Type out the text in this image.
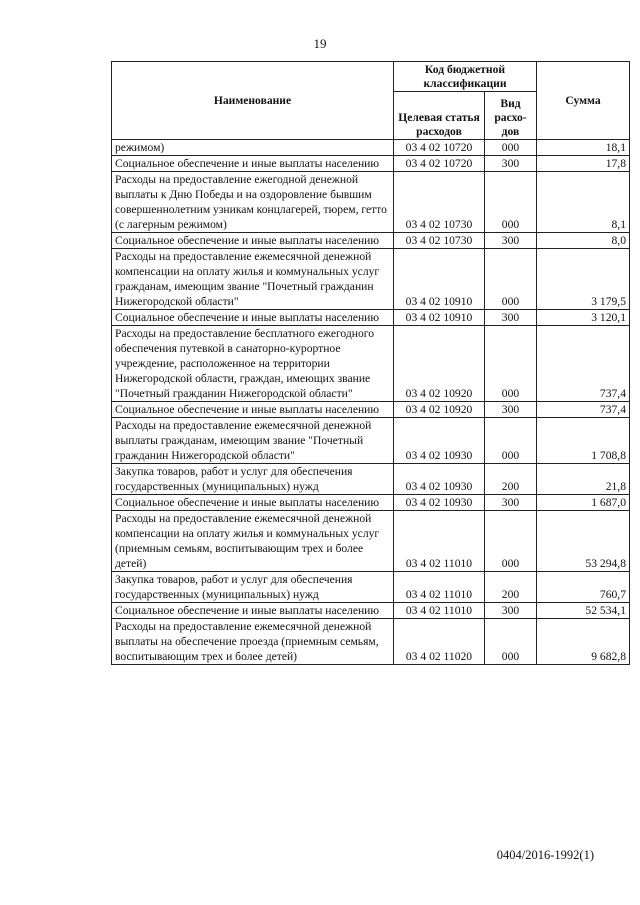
19
Наименование	Код бюджетной классификации		Сумма
	Целевая статья расходов	Вид расхо-дов	
режимом)	03 4 02 10720	000	18,1
Социальное обеспечение и иные выплаты населению	03 4 02 10720	300	17,8
Расходы на предоставление ежегодной денежной выплаты к Дню Победы и на оздоровление бывшим совершеннолетним узникам концлагерей, тюрем, гетто (с лагерным режимом)	03 4 02 10730	000	8,1
Социальное обеспечение и иные выплаты населению	03 4 02 10730	300	8,0
Расходы на предоставление ежемесячной денежной компенсации на оплату жилья и коммунальных услуг гражданам, имеющим звание "Почетный гражданин Нижегородской области"	03 4 02 10910	000	3 179,5
Социальное обеспечение и иные выплаты населению	03 4 02 10910	300	3 120,1
Расходы на предоставление бесплатного ежегодного обеспечения путевкой в санаторно-курортное учреждение, расположенное на территории Нижегородской области, граждан, имеющих звание "Почетный гражданин Нижегородской области"	03 4 02 10920	000	737,4
Социальное обеспечение и иные выплаты населению	03 4 02 10920	300	737,4
Расходы на предоставление ежемесячной денежной выплаты гражданам, имеющим звание "Почетный гражданин Нижегородской области"	03 4 02 10930	000	1 708,8
Закупка товаров, работ и услуг для обеспечения государственных (муниципальных) нужд	03 4 02 10930	200	21,8
Социальное обеспечение и иные выплаты населению	03 4 02 10930	300	1 687,0
Расходы на предоставление ежемесячной денежной компенсации на оплату жилья и коммунальных услуг (приемным семьям, воспитывающим трех и более детей)	03 4 02 11010	000	53 294,8
Закупка товаров, работ и услуг для обеспечения государственных (муниципальных) нужд	03 4 02 11010	200	760,7
Социальное обеспечение и иные выплаты населению	03 4 02 11010	300	52 534,1
Расходы на предоставление ежемесячной денежной выплаты на обеспечение проезда (приемным семьям, воспитывающим трех и более детей)	03 4 02 11020	000	9 682,8
0404/2016-1992(1)
